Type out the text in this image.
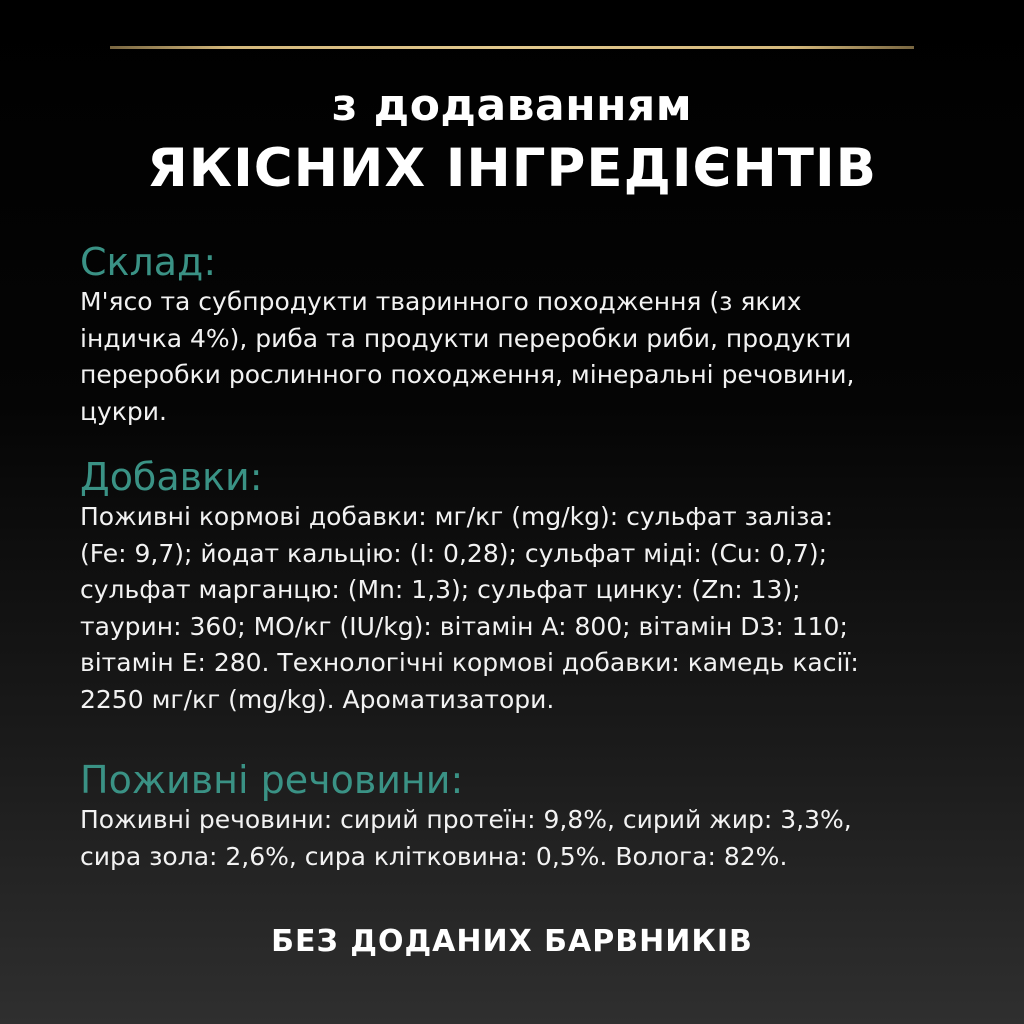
з додаванням
ЯКІСНИХ ІНГРЕДІЄНТІВ

Склад:

М'ясо та субпродукти тваринного походження (з яких
індичка 4%), риба та продукти переробки риби, продукти
переробки рослинного походження, мінеральні речовини,
цукри.

Добавки:

Поживні кормові добавки: мг/кг (mg/kg): сульфат заліза:
(Fe: 9,7); йодат кальцію: (I: 0,28); сульфат міді: (Cu: 0,7);
сульфат марганцю: (Mn: 1,3); сульфат цинку: (Zn: 13);
таурин: 360; МО/кг (IU/kg): вітамін A: 800; вітамін D3: 110;
вітамін E: 280. Технологічні кормові добавки: камедь касії:
2250 мг/кг (mg/kg). Ароматизатори.

Поживні речовини:

Поживні речовини: сирий протеїн: 9,8%, сирий жир: 3,3%,
сира зола: 2,6%, сира клітковина: 0,5%. Волога: 82%.

БЕЗ ДОДАНИХ БАРВНИКІВ
